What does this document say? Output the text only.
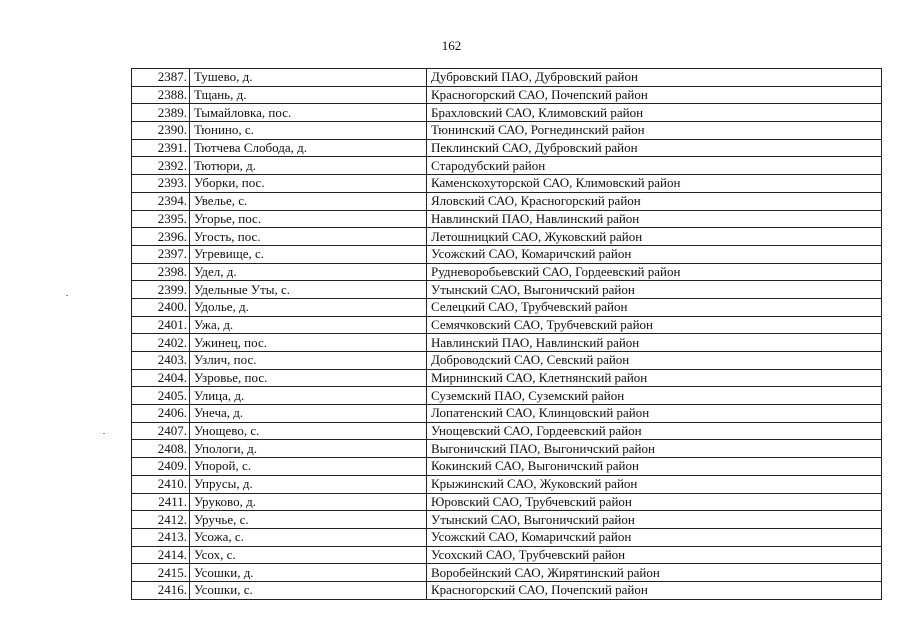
162
2387.	Тушево, д.	Дубровский ПАО, Дубровский район
2388.	Тщань, д.	Красногорский САО, Почепский район
2389.	Тымайловка, пос.	Брахловский САО, Климовский район
2390.	Тюнино, с.	Тюнинский САО, Рогнединский район
2391.	Тютчева Слобода, д.	Пеклинский САО, Дубровский район
2392.	Тютюри, д.	Стародубский район
2393.	Уборки, пос.	Каменскохуторской САО, Климовский район
2394.	Увелье, с.	Яловский САО, Красногорский район
2395.	Угорье, пос.	Навлинский ПАО, Навлинский район
2396.	Угость, пос.	Летошницкий САО, Жуковский район
2397.	Угревище, с.	Усожский САО, Комаричский район
2398.	Удел, д.	Рудневоробьевский САО, Гордеевский район
2399.	Удельные Уты, с.	Утынский САО, Выгоничский район
2400.	Удолье, д.	Селецкий САО, Трубчевский район
2401.	Ужа, д.	Семячковский САО, Трубчевский район
2402.	Ужинец, пос.	Навлинский ПАО, Навлинский район
2403.	Узлич, пос.	Доброводский САО, Севский район
2404.	Узровье, пос.	Мирнинский САО, Клетнянский район
2405.	Улица, д.	Суземский ПАО, Суземский район
2406.	Унеча, д.	Лопатенский САО, Клинцовский район
2407.	Унощево, с.	Унощевский САО, Гордеевский район
2408.	Упологи, д.	Выгоничский ПАО, Выгоничский район
2409.	Упорой, с.	Кокинский САО, Выгоничский район
2410.	Упрусы, д.	Крыжинский САО, Жуковский район
2411.	Уруково, д.	Юровский САО, Трубчевский район
2412.	Уручье, с.	Утынский САО, Выгоничский район
2413.	Усожа, с.	Усожский САО, Комаричский район
2414.	Усох, с.	Усохский САО, Трубчевский район
2415.	Усошки, д.	Воробейнский САО, Жирятинский район
2416.	Усошки, с.	Красногорский САО, Почепский район
